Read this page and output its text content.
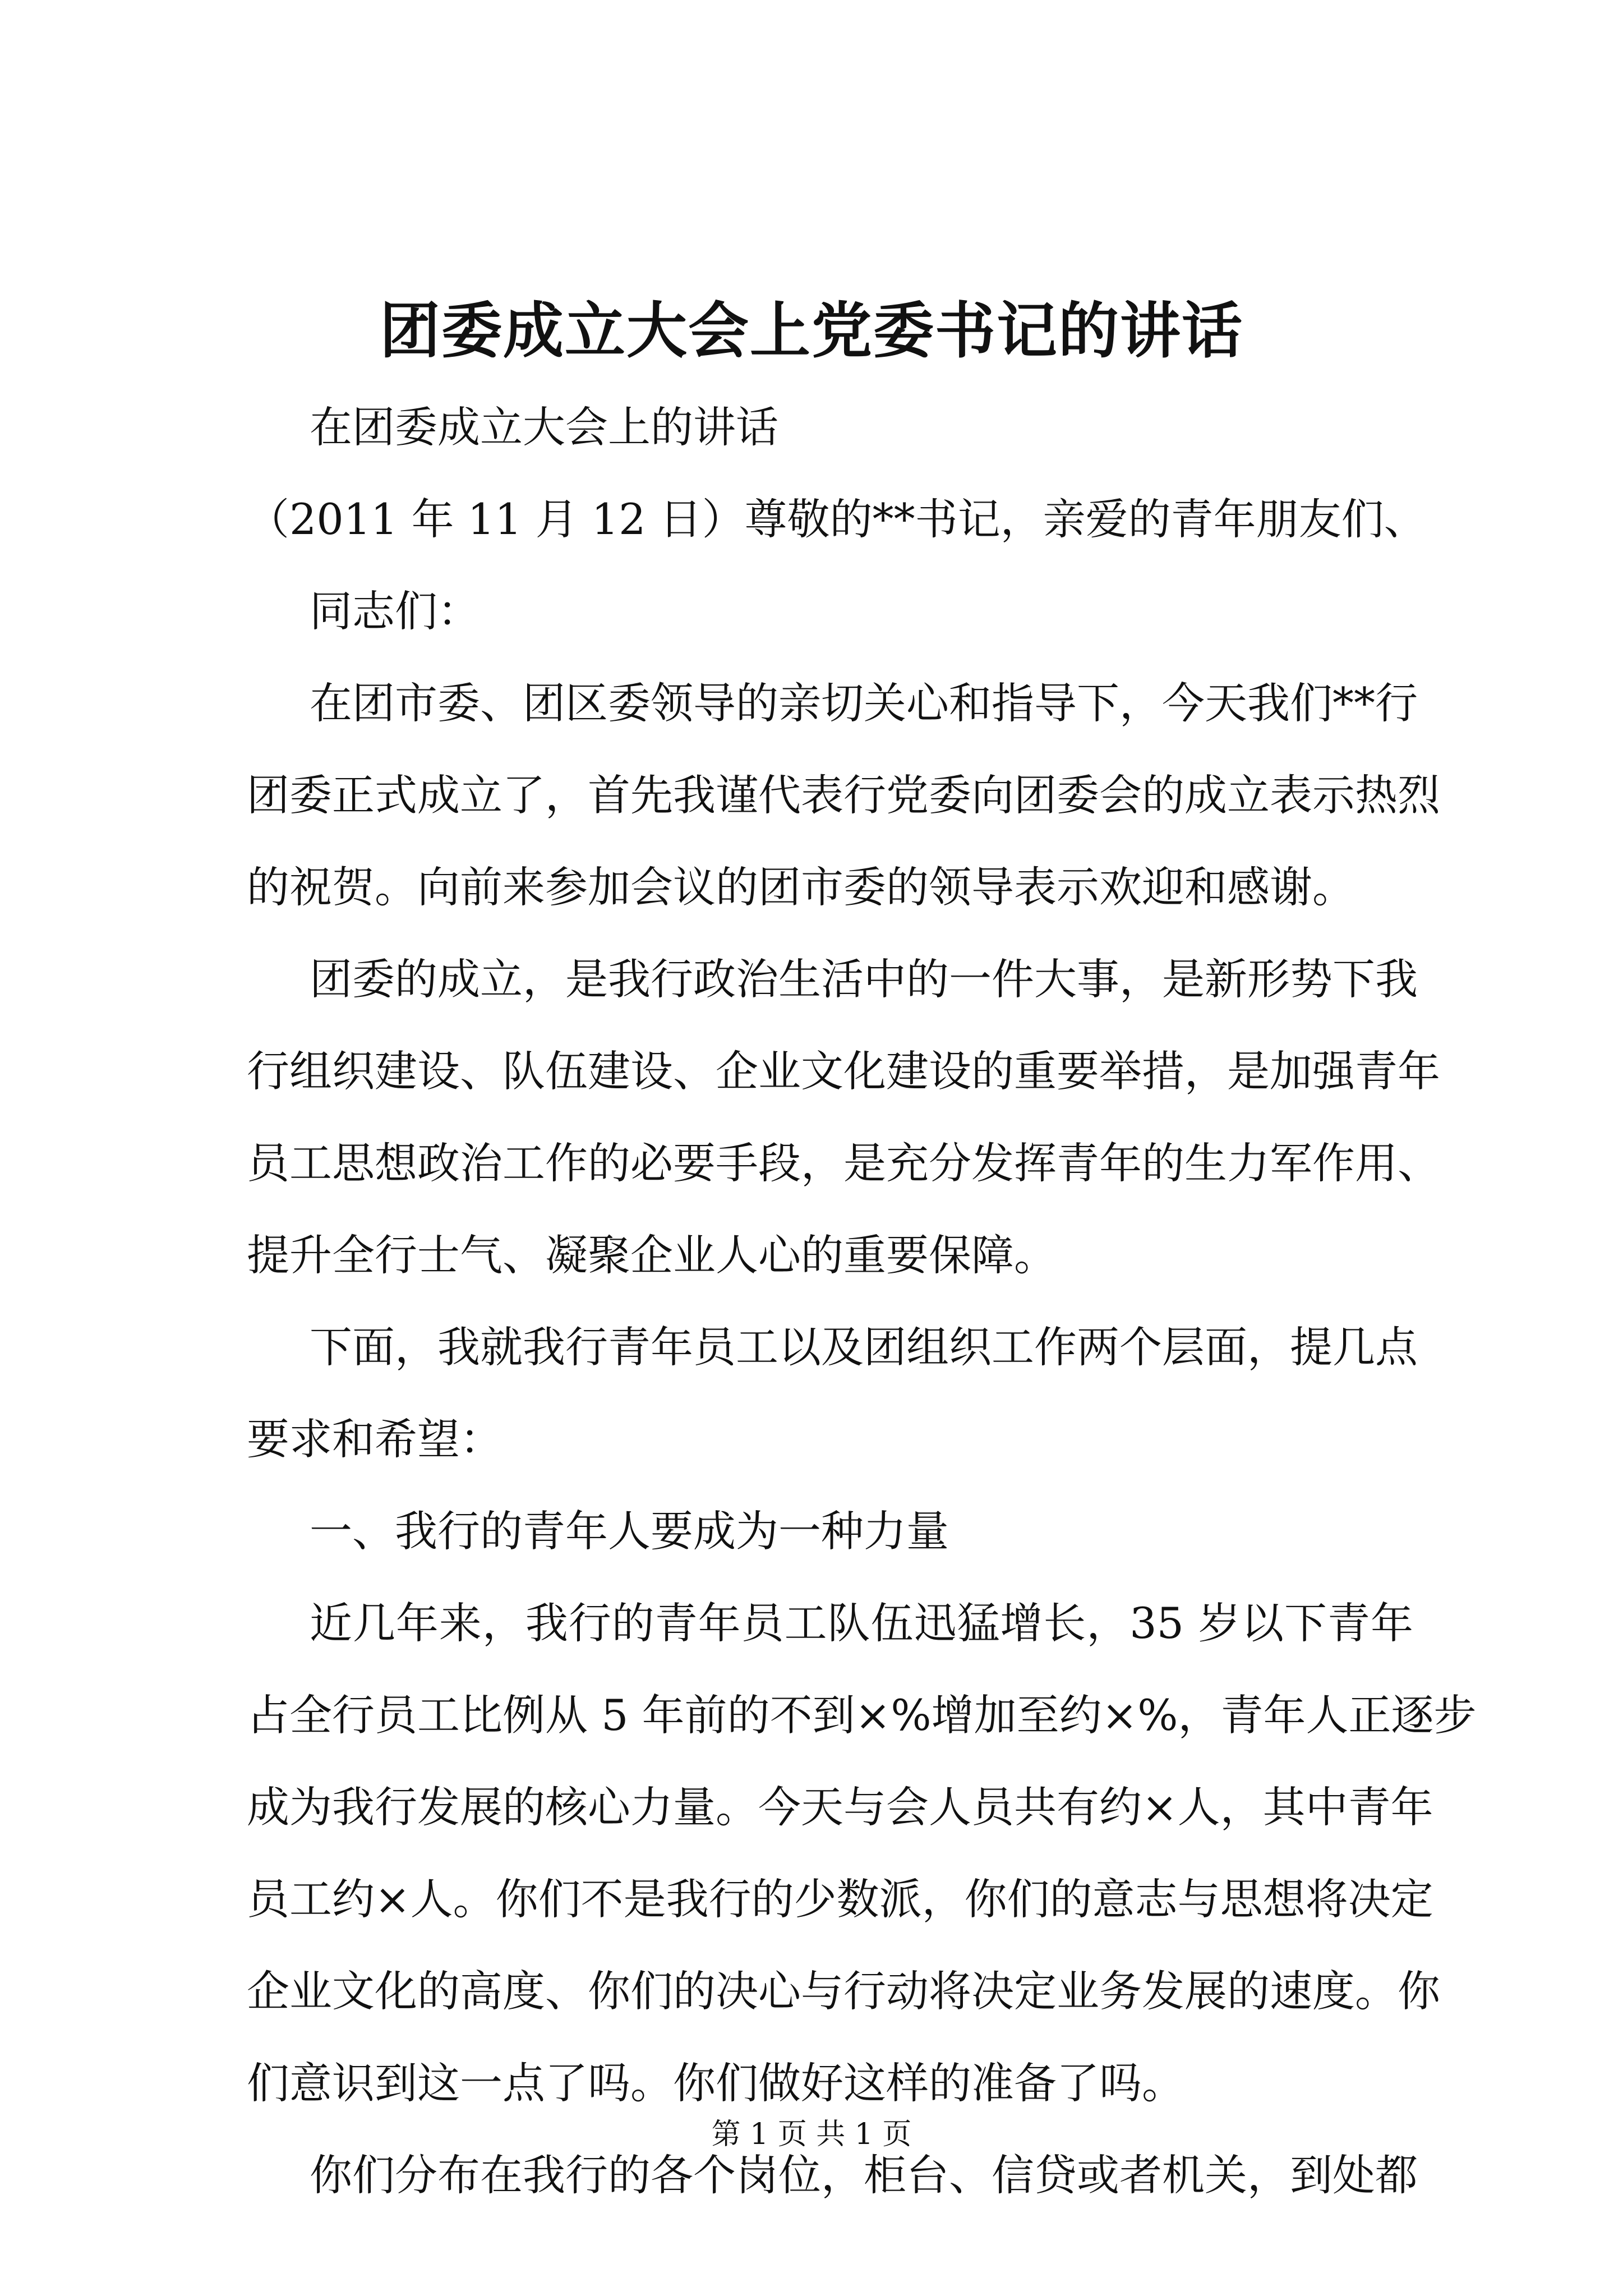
团委成立大会上党委书记的讲话
在团委成立大会上的讲话
（2011 年 11 月 12 日）尊敬的**书记，亲爱的青年朋友们、
同志们：
在团市委、团区委领导的亲切关心和指导下，今天我们**行
团委正式成立了，首先我谨代表行党委向团委会的成立表示热烈
的祝贺。向前来参加会议的团市委的领导表示欢迎和感谢。
团委的成立，是我行政治生活中的一件大事，是新形势下我
行组织建设、队伍建设、企业文化建设的重要举措，是加强青年
员工思想政治工作的必要手段，是充分发挥青年的生力军作用、
提升全行士气、凝聚企业人心的重要保障。
下面，我就我行青年员工以及团组织工作两个层面，提几点
要求和希望：
一、我行的青年人要成为一种力量
近几年来，我行的青年员工队伍迅猛增长，35 岁以下青年
占全行员工比例从 5 年前的不到×%增加至约×%，青年人正逐步
成为我行发展的核心力量。今天与会人员共有约×人，其中青年
员工约×人。你们不是我行的少数派，你们的意志与思想将决定
企业文化的高度、你们的决心与行动将决定业务发展的速度。你
们意识到这一点了吗。你们做好这样的准备了吗。
你们分布在我行的各个岗位，柜台、信贷或者机关，到处都
第 1 页 共 1 页
